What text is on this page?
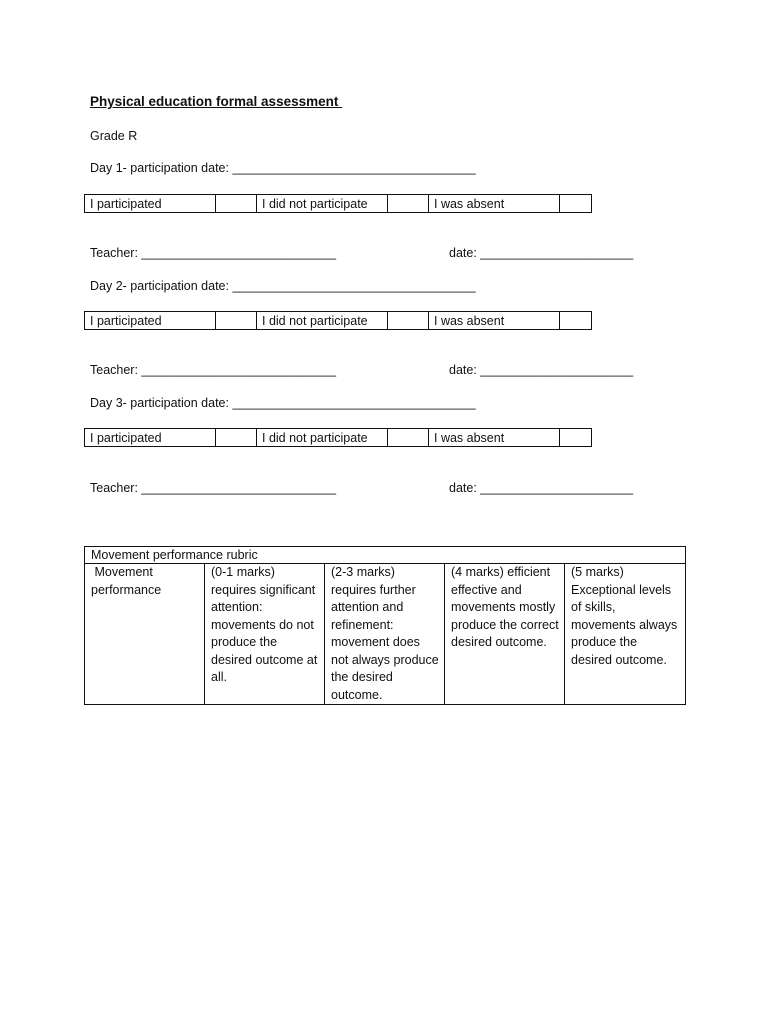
Physical education formal assessment
Grade R
Day 1- participation date: ___________________________________
I participated		I did not participate		I was absent	
Teacher: ____________________________	date: ______________________
Day 2- participation date: ___________________________________
I participated		I did not participate		I was absent	
Teacher: ____________________________	date: ______________________
Day 3- participation date: ___________________________________
I participated		I did not participate		I was absent	
Teacher: ____________________________	date: ______________________
Movement performance rubric
Movement performance	(0-1 marks) requires significant attention: movements do not produce the desired outcome at all.	(2-3 marks) requires further attention and refinement: movement does not always produce the desired outcome.	(4 marks) efficient effective and movements mostly produce the correct desired outcome.	(5 marks) Exceptional levels of skills, movements always produce the desired outcome.
